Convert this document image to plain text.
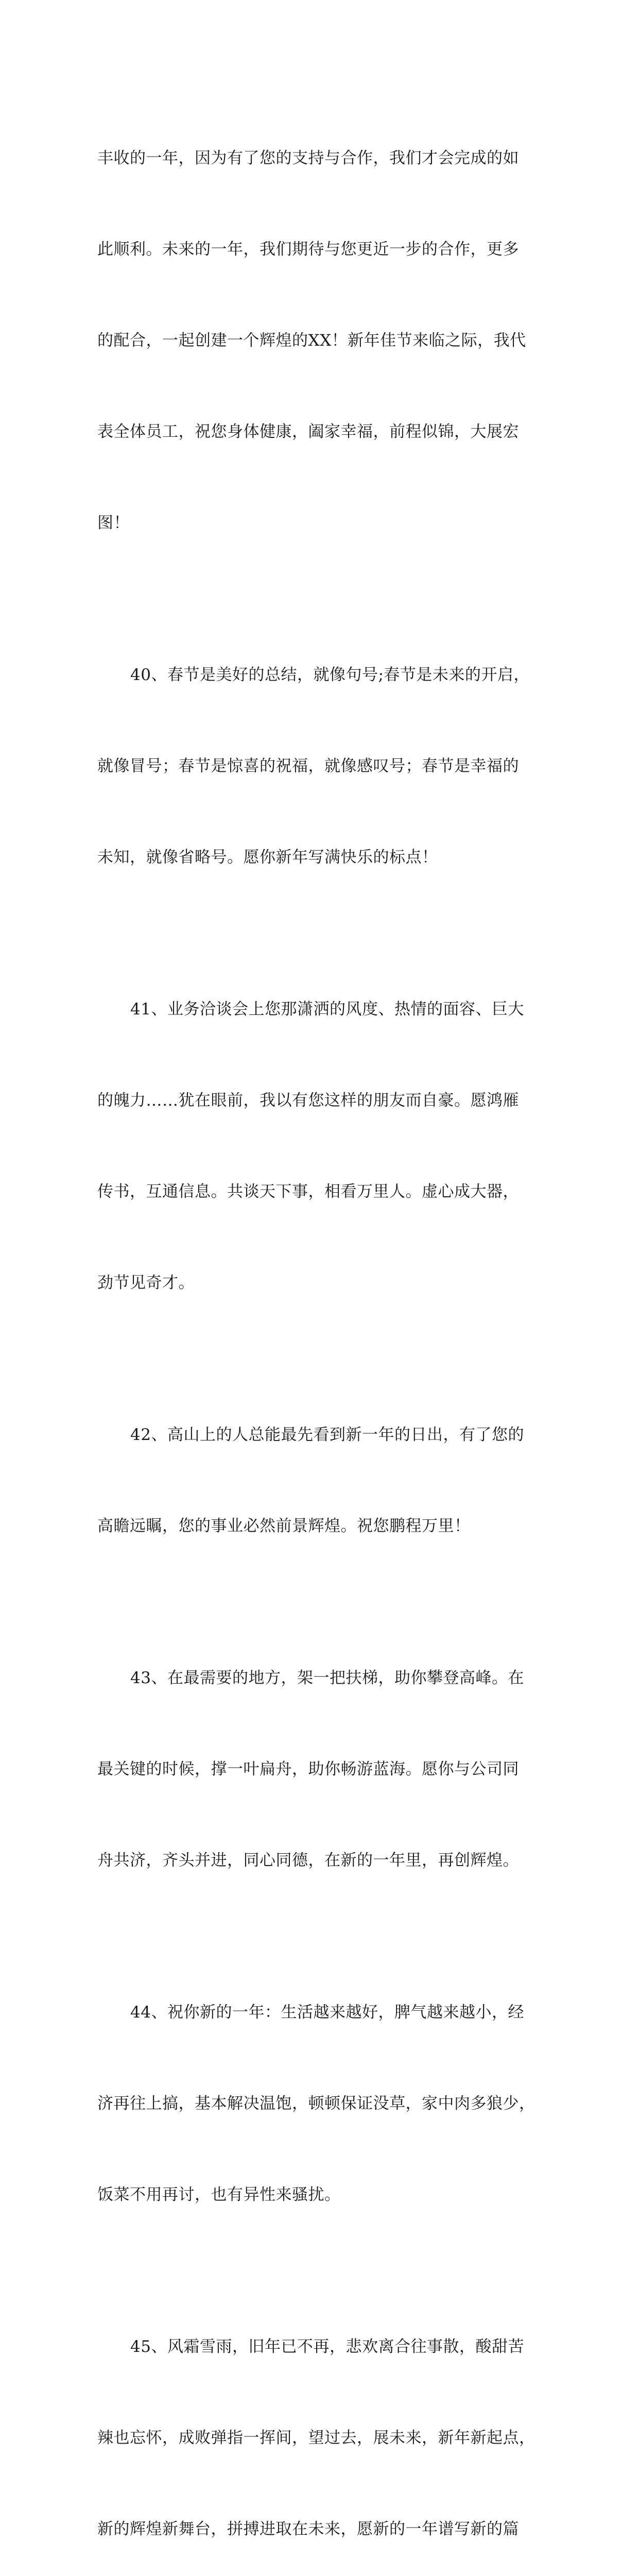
丰收的一年，因为有了您的支持与合作，我们才会完成的如

此顺利。未来的一年，我们期待与您更近一步的合作，更多

的配合，一起创建一个辉煌的XX！新年佳节来临之际，我代

表全体员工，祝您身体健康，阖家幸福，前程似锦，大展宏

图！

40、春节是美好的总结，就像句号;春节是未来的开启，

就像冒号；春节是惊喜的祝福，就像感叹号；春节是幸福的

未知，就像省略号。愿你新年写满快乐的标点！

41、业务洽谈会上您那潇洒的风度、热情的面容、巨大

的魄力……犹在眼前，我以有您这样的朋友而自豪。愿鸿雁

传书，互通信息。共谈天下事，相看万里人。虚心成大器，

劲节见奇才。

42、高山上的人总能最先看到新一年的日出，有了您的

高瞻远瞩，您的事业必然前景辉煌。祝您鹏程万里！

43、在最需要的地方，架一把扶梯，助你攀登高峰。在

最关键的时候，撑一叶扁舟，助你畅游蓝海。愿你与公司同

舟共济，齐头并进，同心同德，在新的一年里，再创辉煌。

44、祝你新的一年：生活越来越好，脾气越来越小，经

济再往上搞，基本解决温饱，顿顿保证没草，家中肉多狼少，

饭菜不用再讨，也有异性来骚扰。

45、风霜雪雨，旧年已不再，悲欢离合往事散，酸甜苦

辣也忘怀，成败弹指一挥间，望过去，展未来，新年新起点，

新的辉煌新舞台，拼搏进取在未来，愿新的一年谱写新的篇
